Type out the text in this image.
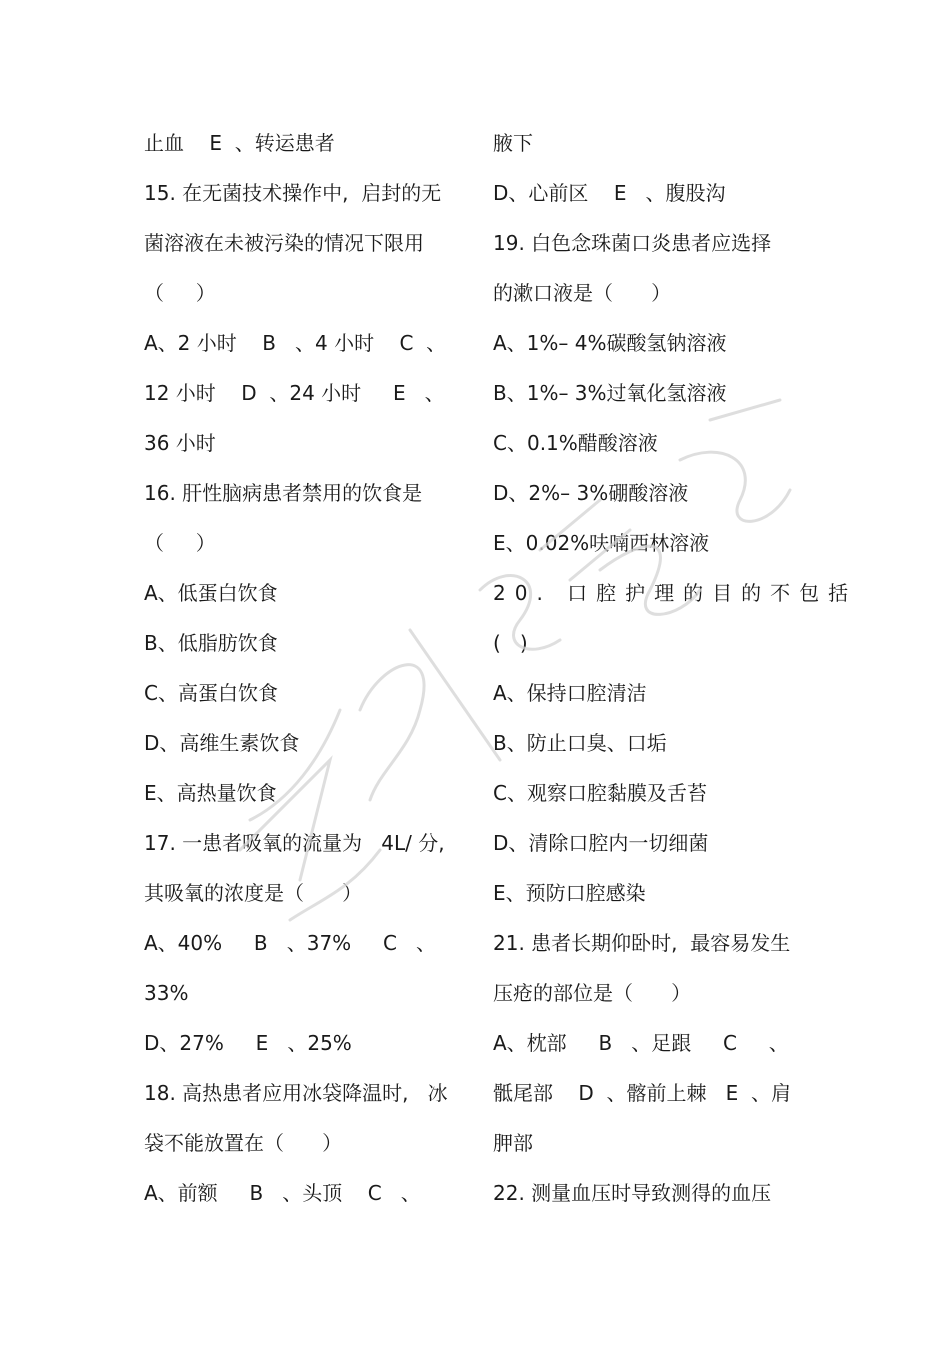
止血    E  、转运患者
15. 在无菌技术操作中,  启封的无
菌溶液在未被污染的情况下限用
（     ）
A、2 小时    B   、4 小时    C  、
12 小时    D  、24 小时     E   、
36 小时
16. 肝性脑病患者禁用的饮食是
（     ）
A、低蛋白饮食
B、低脂肪饮食
C、高蛋白饮食
D、高维生素饮食
E、高热量饮食
17. 一患者吸氧的流量为   4L/ 分,
其吸氧的浓度是（      ）
A、40%     B   、37%     C   、
33%
D、27%     E   、25%
18. 高热患者应用冰袋降温时,   冰
袋不能放置在（      ）
A、前额     B   、头顶    C   、
腋下
D、心前区    E   、腹股沟
19. 白色念珠菌口炎患者应选择
的漱口液是（      ）
A、1%– 4%碳酸氢钠溶液
B、1%– 3%过氧化氢溶液
C、0.1%醋酸溶液
D、2%– 3%硼酸溶液
E、0.02%呋喃西林溶液
20. 口腔护理的目的不包括
(   )
A、保持口腔清洁
B、防止口臭、口垢
C、观察口腔黏膜及舌苔
D、清除口腔内一切细菌
E、预防口腔感染
21. 患者长期仰卧时,  最容易发生
压疮的部位是（      ）
A、枕部     B   、足跟     C     、
骶尾部    D  、髂前上棘   E  、肩
胛部
22. 测量血压时导致测得的血压
